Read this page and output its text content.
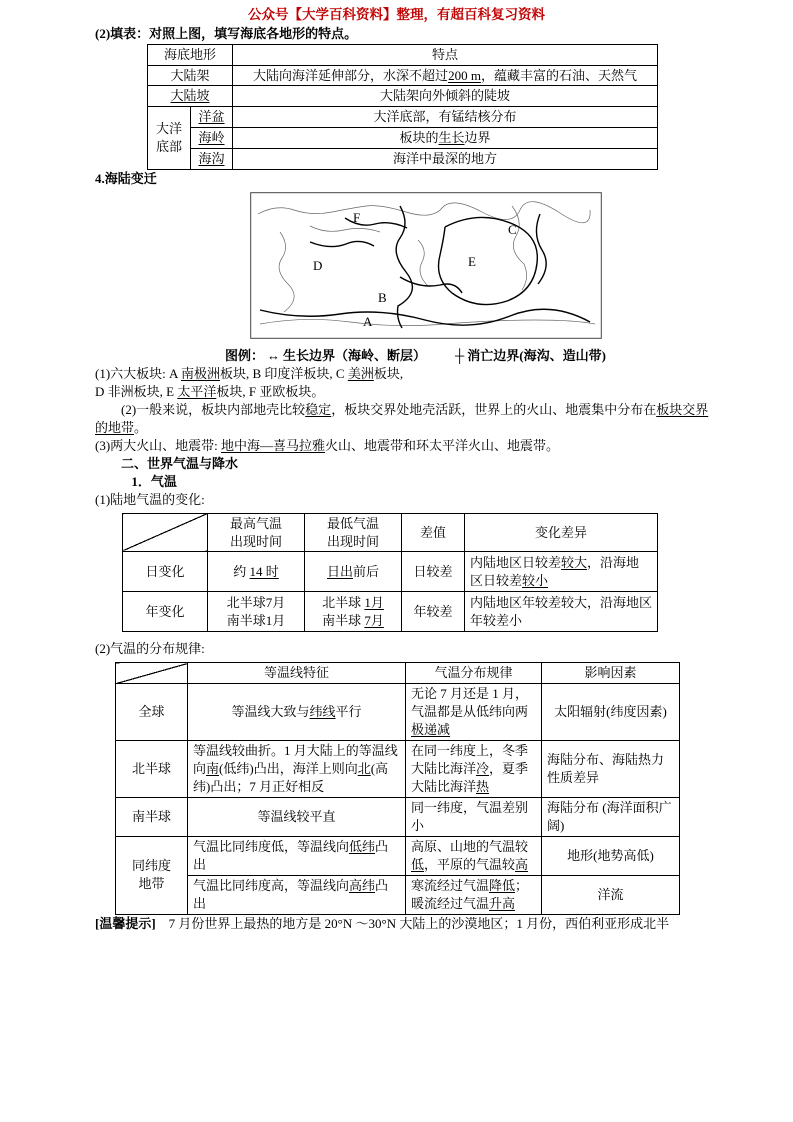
公众号【大学百科资料】整理，有超百科复习资料

(2)填表：对照上图，填写海底各地形的特点。

海底地形		特点
大陆架		大陆向海洋延伸部分，水深不超过200 m，蕴藏丰富的石油、天然气
大陆坡		大陆架向外倾斜的陡坡
大洋底部	洋盆	大洋底部，有锰结核分布
	海岭	板块的生长边界
	海沟	海洋中最深的地方

4.海陆变迁

F
C
D	E
B
A
图例： ↔ 生长边界（海岭、断层） ┼	消亡边界(海沟、造山带)

(1)六大板块: A 南极洲板块, B 印度洋板块, C 美洲板块,

D 非洲板块, E 太平洋板块, F 亚欧板块。

(2)一般来说，板块内部地壳比较稳定，板块交界处地壳活跃，世界上的火山、地震集中分布在板块交界的地带。

(3)两大火山、地震带: 地中海—喜马拉雅火山、地震带和环太平洋火山、地震带。

二、世界气温与降水

1．气温

(1)陆地气温的变化:

	最高气温
出现时间	最低气温
出现时间	差值	变化差异
日变化	约 14 时	日出前后	日较差	内陆地区日较差较大，沿海地区日较差较小
年变化	北半球7月
南半球1月	北半球 1月
南半球 7月	年较差	内陆地区年较差较大，沿海地区年较差小

(2)气温的分布规律:

	等温线特征	气温分布规律	影响因素
全球	等温线大致与纬线平行	无论 7 月还是 1 月，气温都是从低纬向两极递减	太阳辐射(纬度因素)
北半球	等温线较曲折。1 月大陆上的等温线向南(低纬)凸出，海洋上则向北(高纬)凸出；7 月正好相反	在同一纬度上，冬季大陆比海洋冷，夏季大陆比海洋热	海陆分布、海陆热力性质差异
南半球	等温线较平直	同一纬度，气温差别小	海陆分布 (海洋面积广阔)
同纬度
地带	气温比同纬度低，等温线向低纬凸出	高原、山地的气温较低，平原的气温较高	地形(地势高低)
	气温比同纬度高，等温线向高纬凸出	寒流经过气温降低；暖流经过气温升高	洋流

[温馨提示]　7 月份世界上最热的地方是 20°N ～30°N 大陆上的沙漠地区；1 月份，西伯利亚形成北半
